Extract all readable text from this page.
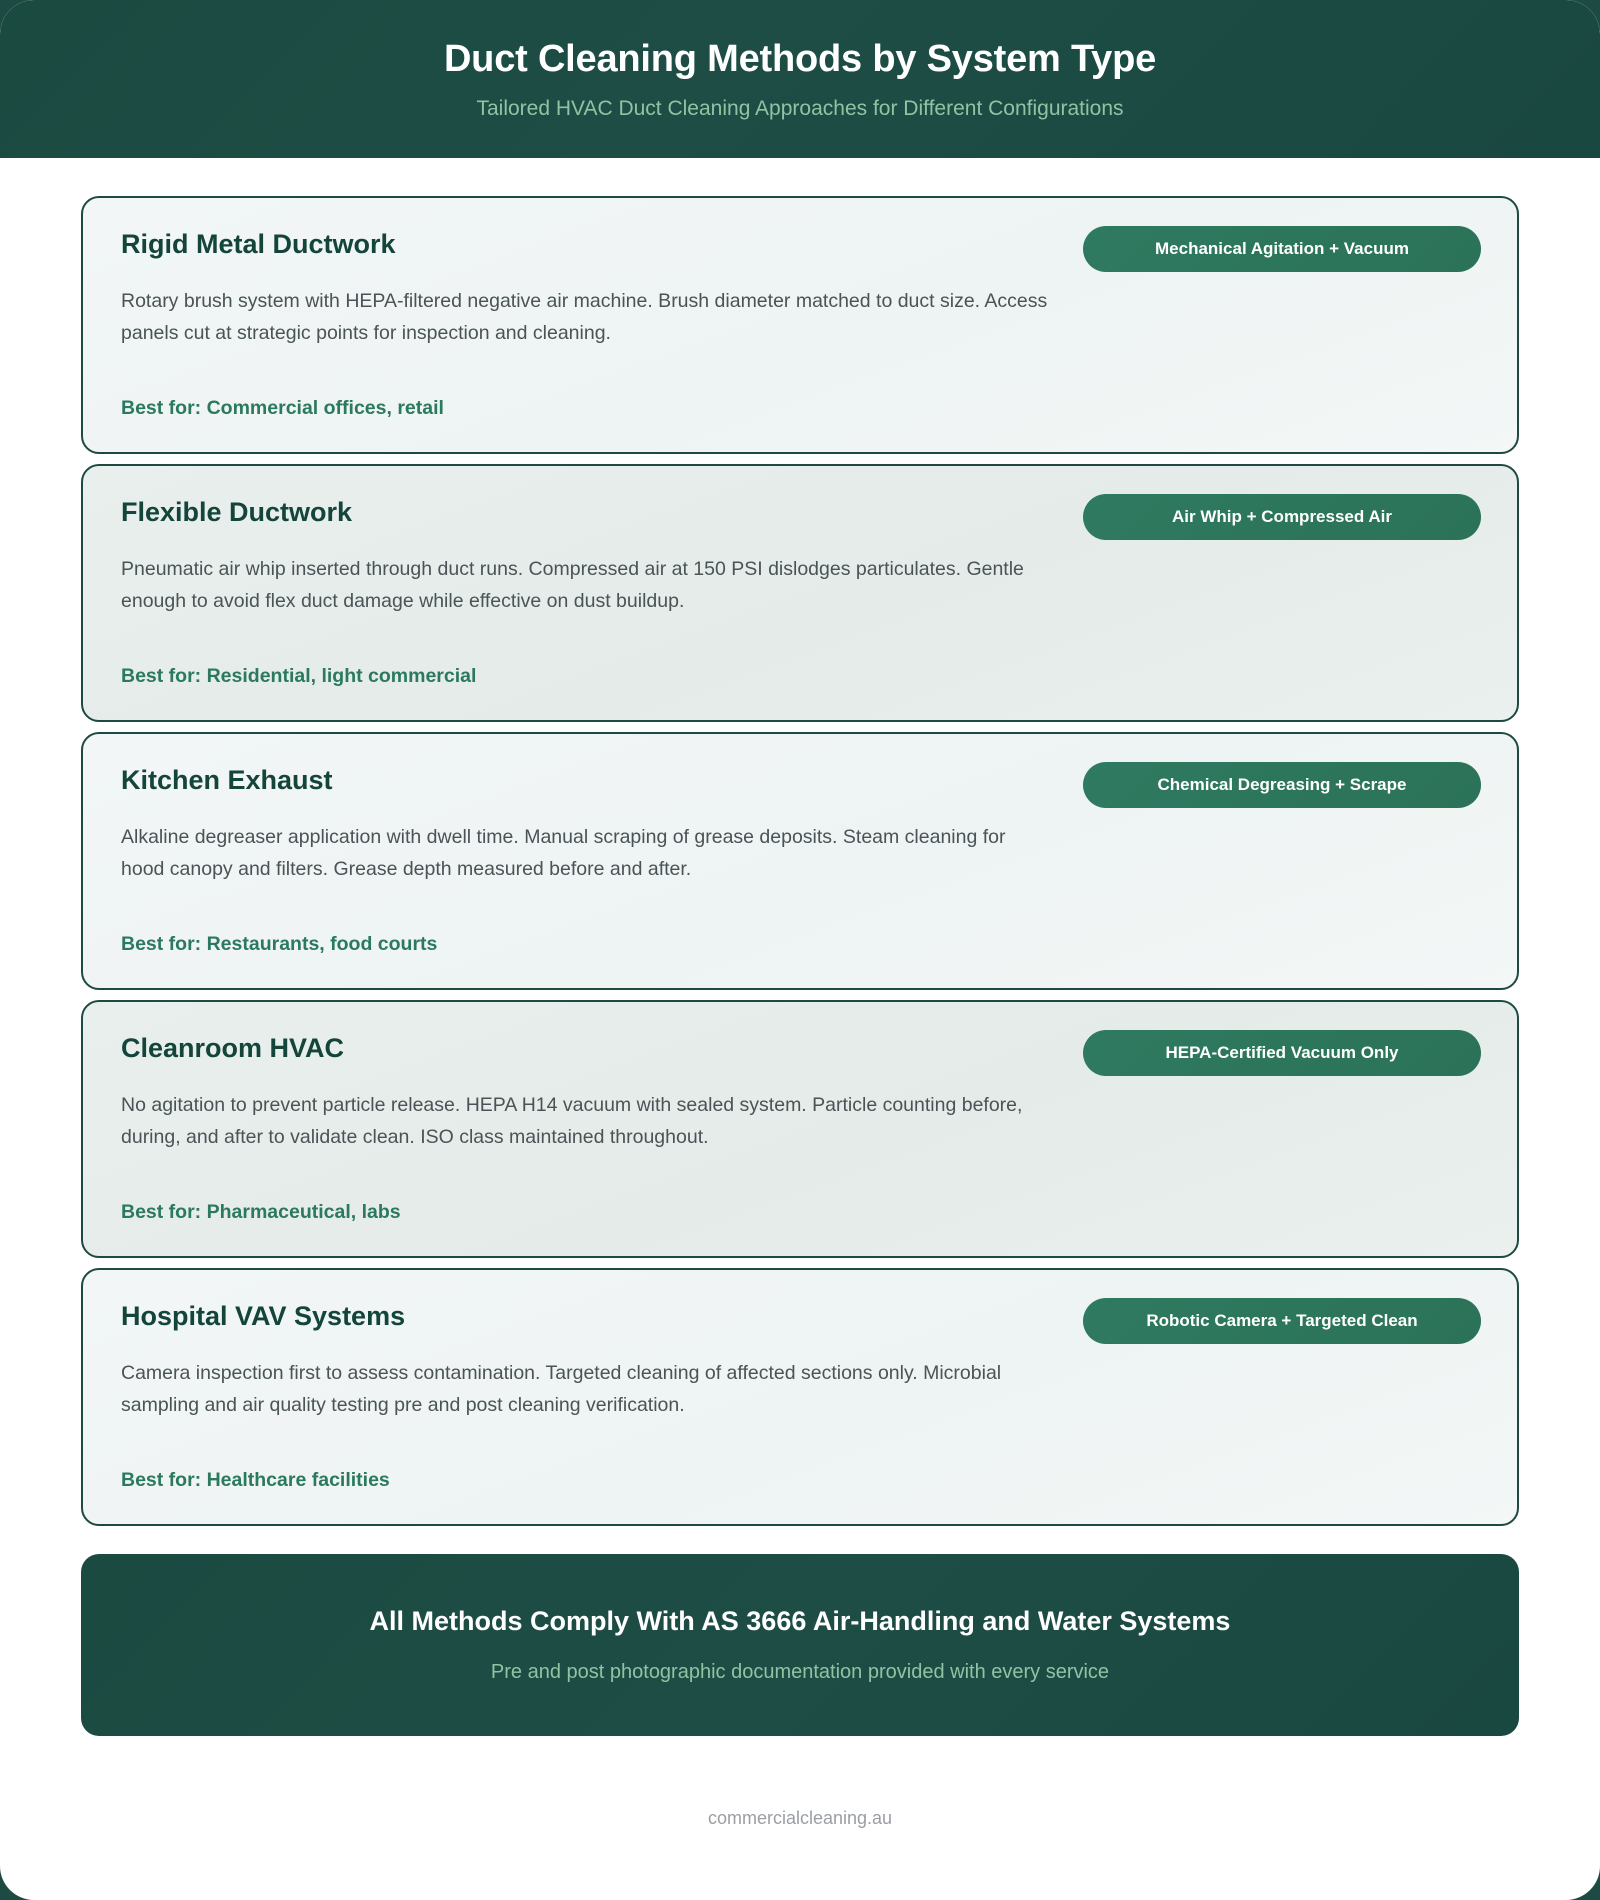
Duct Cleaning Methods by System Type
Tailored HVAC Duct Cleaning Approaches for Different Configurations
Mechanical Agitation + Vacuum
Rigid Metal Ductwork
Rotary brush system with HEPA-filtered negative air machine. Brush diameter matched to duct size. Access panels cut at strategic points for inspection and cleaning.
Best for: Commercial offices, retail
Air Whip + Compressed Air
Flexible Ductwork
Pneumatic air whip inserted through duct runs. Compressed air at 150 PSI dislodges particulates. Gentle enough to avoid flex duct damage while effective on dust buildup.
Best for: Residential, light commercial
Chemical Degreasing + Scrape
Kitchen Exhaust
Alkaline degreaser application with dwell time. Manual scraping of grease deposits. Steam cleaning for hood canopy and filters. Grease depth measured before and after.
Best for: Restaurants, food courts
HEPA-Certified Vacuum Only
Cleanroom HVAC
No agitation to prevent particle release. HEPA H14 vacuum with sealed system. Particle counting before, during, and after to validate clean. ISO class maintained throughout.
Best for: Pharmaceutical, labs
Robotic Camera + Targeted Clean
Hospital VAV Systems
Camera inspection first to assess contamination. Targeted cleaning of affected sections only. Microbial sampling and air quality testing pre and post cleaning verification.
Best for: Healthcare facilities
All Methods Comply With AS 3666 Air-Handling and Water Systems
Pre and post photographic documentation provided with every service
commercialcleaning.au
